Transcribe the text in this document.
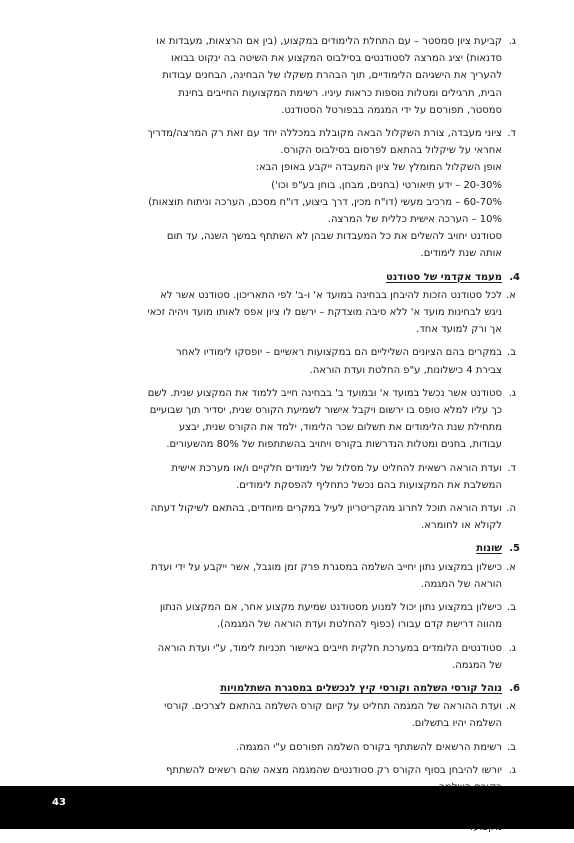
ג.
קביעת ציון סמסטר – עם התחלת הלימודים במקצוע, (בין אם הרצאות, מעבדות או
סדנאות) יציג המרצה לסטודנטים בסילבוס המקצוע את השיטה בה ינקוט בבואו
להעריך את הישגיהם הלימודיים, תוך הבהרת משקלו של הבחינה, הבחנים עבודות
הבית, תרגילים ומטלות נוספות כראות עיניו. רשימת המקצועות החייבים בחינת
סמסטר, תפורסם על ידי המגמה בבפורטל הסטודנט.
ד.
ציוני מעבדה, צורת השקלול הבאה מקובלת במכללה יחד עם זאת רק המרצה/מדריך
אחראי על שיקלול בהתאם לפרסום בסילבוס הקורס.
אופן השקלול המומלץ של ציון המעבדה ייקבע באופן הבא:
20-30% – ידע תיאורטי (בחנים, מבחן, בוחן בע"פ וכו')
60-70% – מרכיב מעשי (דו"ח מכין, דרך ביצוע, דו"ח מסכם, הערכה וניתוח תוצאות)
10% – הערכה אישית כללית של המרצה.
סטודנט יחויב להשלים את כל המעבדות שבהן לא השתתף במשך השנה, עד תום
אותה שנת לימודים.
4.
מעמד אקדמי של סטודנט
א.
לכל סטודנט הזכות להיבחן בבחינה במועד א' ו-ב' לפי התאריכון. סטודנט אשר לא
ניגש לבחינות מועד א' ללא סיבה מוצדקת – ירשם לו ציון אפס לאותו מועד ויהיה זכאי
אך ורק למועד אחד.
ב.
במקרים בהם הציונים השליליים הם במקצועות ראשיים – יופסקו לימודיו לאחר
צבירת 4 כישלונות, ע"פ החלטת ועדת הוראה.
ג.
סטודנט אשר נכשל במועד א' ובמועד ב' בבחינה חייב ללמוד את המקצוע שנית. לשם
כך עליו למלא טופס בו ירשום ויקבל אישור לשמיעת הקורס שנית, יסדיר תוך שבועיים
מתחילת שנת הלימודים את תשלום שכר הלימוד, ילמד את הקורס שנית, יבצע
עבודות, בחנים ומטלות הנדרשות בקורס ויחויב בהשתתפות של 80% מהשעורים.
ד.
ועדת הוראה רשאית להחליט על מסלול של לימודים חלקיים ו/או מערכת אישית
המשלבת את המקצועות בהם נכשל כתחליף להפסקת לימודים.
ה.
ועדת הוראה תוכל לחרוג מהקריטריון לעיל במקרים מיוחדים, בהתאם לשיקול דעתה
לקולא או לחומרא.
5.
שונות
א.
כישלון במקצוע נתון יחייב השלמה במסגרת פרק זמן מוגבל, אשר ייקבע על ידי ועדת
הוראה של המגמה.
ב.
כישלון במקצוע נתון יכול למנוע מסטודנט שמיעת מקצוע אחר, אם המקצוע הנתון
מהווה דרישת קדם עבורו (כפוף להחלטת ועדת הוראה של המגמה).
ג.
סטודנטים הלומדים במערכת חלקית חייבים באישור תכניות לימוד, ע"י ועדת הוראה
של המגמה.
6.
נוהל קורסי השלמה וקורסי קיץ לנכשלים במסגרת השתלמויות
א.
ועדת ההוראה של המגמה תחליט על קיום קורס השלמה בהתאם לצרכים. קורסי
השלמה יהיו בתשלום.
ב.
רשימת הרשאים להשתתף בקורס השלמה תפורסם ע"י המגמה.
ג.
יורשו להיבחן בסוף הקורס רק סטודנטים שהמגמה מצאה שהם רשאים להשתתף
43
